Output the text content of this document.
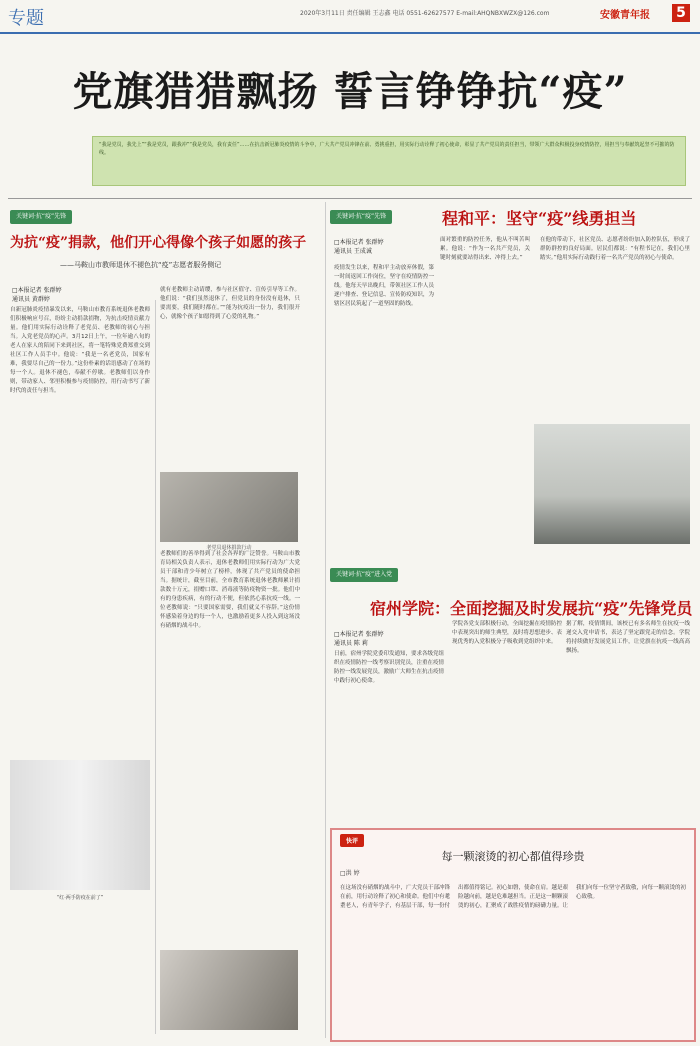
专题	2020年3月11日 责任编辑 王志鑫 电话 0551-62627577 E-mail:AHQNBXWZX@126.com	安徽青年报 5
党旗猎猎飘扬 誓言铮铮抗“疫”
“我是党员，我先上”“我是党员，跟我冲”“我是党员，我有责任”……在抗击新冠肺炎疫情的斗争中，广大共产党员冲锋在前、勇挑重担，用实际行动诠释了初心使命，彰显了共产党员的责任担当，带领广大群众积极投身疫情防控，用担当与奉献筑起坚不可摧的防线。
关键词·抗“疫”先锋	关键词·抗“疫”先锋
关键词·抗“疫”进入党
为抗“疫”捐款，他们开心得像个孩子如愿的孩子
——马鞍山市教师退休不褪色抗“疫”志愿者服务侧记
□本报记者 张群婷
通讯员 黄群婷
自新冠肺炎疫情暴发以来，马鞍山市教育系统退休老教师们积极响应号召，纷纷主动捐款捐物，为抗击疫情贡献力量。他们用实际行动诠释了老党员、老教师的初心与担当。入党老党员的心声。3月12日上午，一位年逾八旬的老人在家人的陪同下来到社区，将一笔特殊党费郑重交到社区工作人员手中。他说：“我是一名老党员，国家有难，我要尽自己的一份力。”这份朴素的话语感动了在场的每一个人。退休不褪色，奉献不停歇。老教师们以身作则，带动家人、邻里积极参与疫情防控，用行动书写了新时代的责任与担当。
就有老教师主动请缨，参与社区值守、宣传引导等工作。他们说：“我们虽然退休了，但党员的身份没有退休，只要需要，我们随时都在。”“能为抗疫出一份力，我们很开心，就像个孩子如愿得到了心爱的礼物。”
老党员退休捐款行动
老教师们的善举得到了社会各界的广泛赞誉。马鞍山市教育局相关负责人表示，退休老教师们用实际行动为广大党员干部和青少年树立了榜样，体现了共产党员的使命担当。据统计，截至目前，全市教育系统退休老教师累计捐款数十万元，捐赠口罩、消毒液等防疫物资一批。他们中有的身患疾病，有的行动不便，但依然心系抗疫一线。一位老教师说：“只要国家需要，我们就义不容辞。”这份情怀感染着身边的每一个人，也激励着更多人投入到这场没有硝烟的战斗中。
“红·两手防疫在前了”
程和平：坚守“疫”线勇担当
□本报记者 张群婷
通讯员 王成诚
疫情发生以来，程和平主动放弃休假，第一时间返回工作岗位，坚守在疫情防控一线。他每天早出晚归，带领社区工作人员逐户排查、登记信息、宣传防疫知识，为辖区居民筑起了一道坚固的防线。
面对繁重的防控任务，他从不叫苦叫累。他说：“作为一名共产党员，关键时刻就要站得出来、冲得上去。”
在他的带动下，社区党员、志愿者纷纷加入防控队伍，形成了群防群控的良好局面。居民们都说：“有程书记在，我们心里踏实。”他用实际行动践行着一名共产党员的初心与使命。
宿州学院：全面挖掘及时发展抗“疫”先锋党员
□本报记者 张群婷
通讯员 陈 莉
日前，宿州学院党委印发通知，要求各级党组织在疫情防控一线考察识别党员，注重在疫情防控一线发展党员，激励广大师生在抗击疫情中践行初心使命。
学院各党支部积极行动，全面挖掘在疫情防控中表现突出的师生典型，及时将思想进步、表现优秀的入党积极分子吸收到党组织中来。
据了解，疫情期间，该校已有多名师生在抗疫一线递交入党申请书，表达了坚定跟党走的信念。学院将持续做好发展党员工作，让党旗在抗疫一线高高飘扬。
快评
每一颗滚烫的初心都值得珍贵
□洪 婷
在这场没有硝烟的战斗中，广大党员干部冲锋在前，用行动诠释了初心和使命。他们中有耄耋老人，有青年学子，有基层干部，每一份付出都值得铭记。初心如磐，使命在肩。越是艰险越向前，越是危难越担当。正是这一颗颗滚烫的初心，汇聚成了战胜疫情的磅礴力量。让我们向每一位坚守者致敬，向每一颗滚烫的初心致敬。
